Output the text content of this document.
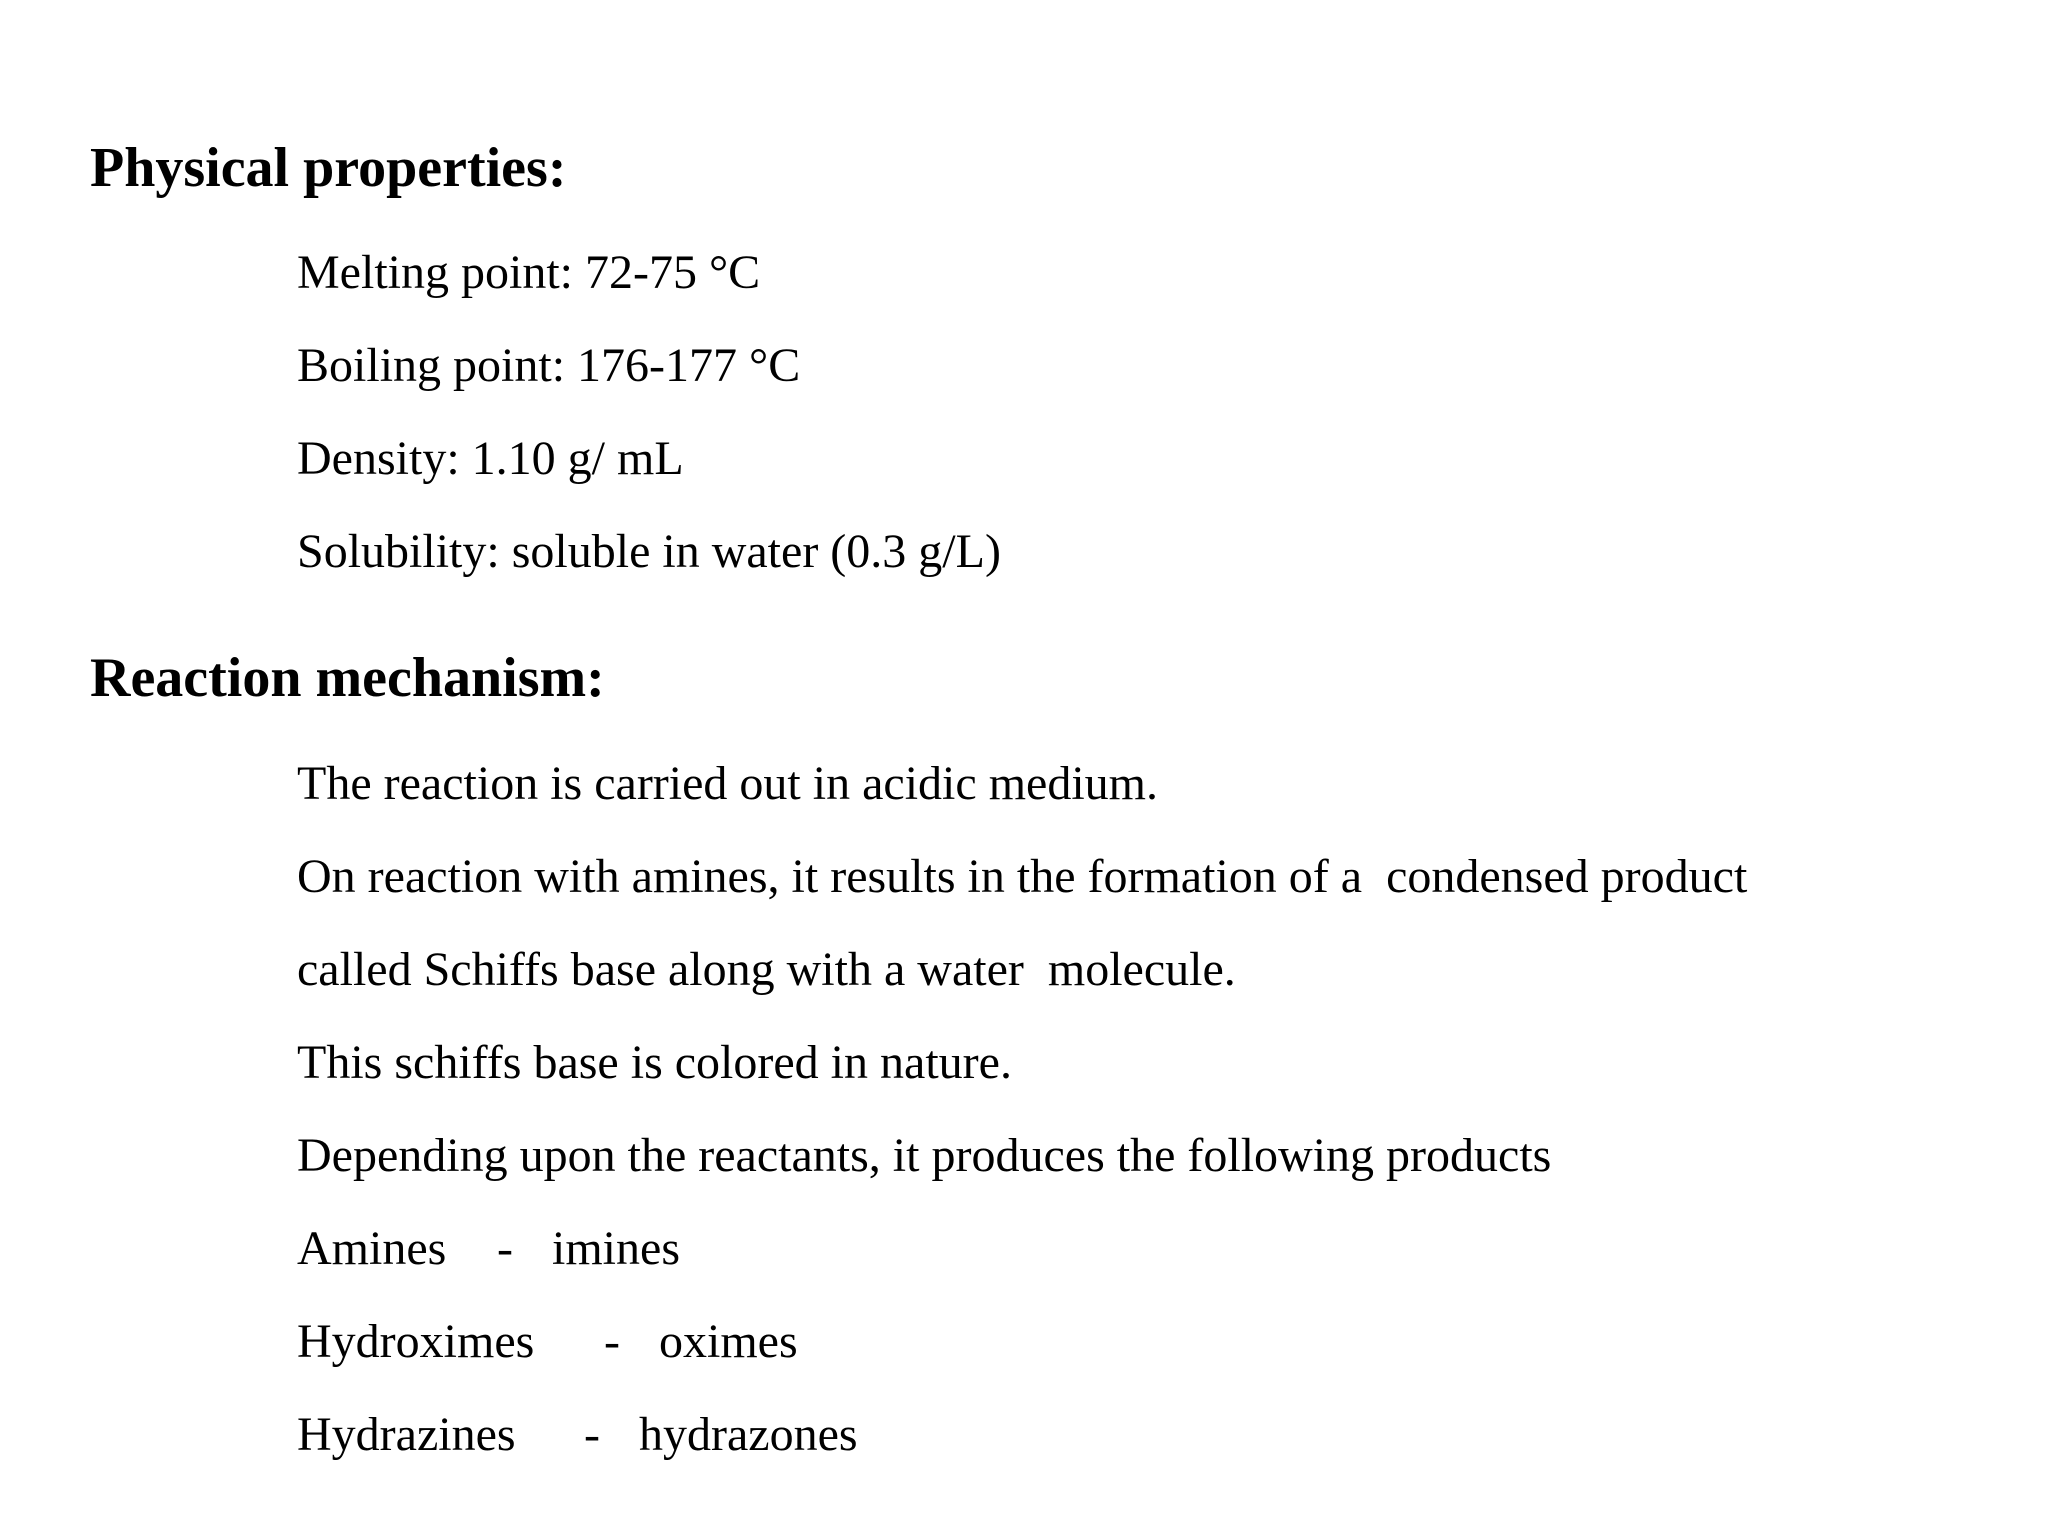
Physical properties:

Melting point: 72-75 °C

Boiling point: 176-177 °C

Density: 1.10 g/ mL

Solubility: soluble in water (0.3 g/L)

Reaction mechanism:

The reaction is carried out in acidic medium.

On reaction with amines, it results in the formation of a  condensed product

called Schiffs base along with a water  molecule.

This schiffs base is colored in nature.

Depending upon the reactants, it produces the following products

Amines - imines
Hydroximes - oximes
Hydrazines - hydrazones
